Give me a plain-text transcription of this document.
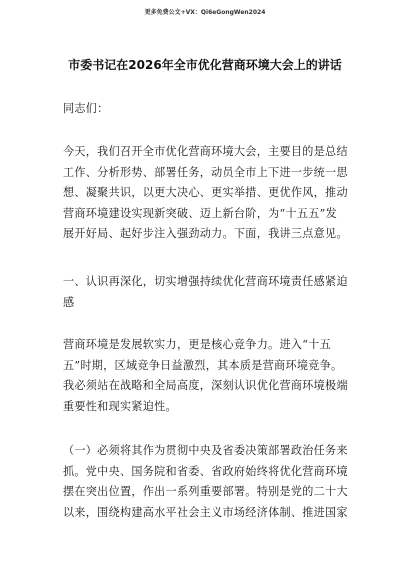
更多免费公文+VX：Qi6eGongWen2024
市委书记在2026年全市优化营商环境大会上的讲话
同志们：
今天，我们召开全市优化营商环境大会，主要目的是总结
工作、分析形势、部署任务，动员全市上下进一步统一思
想、凝聚共识，以更大决心、更实举措、更优作风，推动
营商环境建设实现新突破、迈上新台阶，为“十五五”发
展开好局、起好步注入强劲动力。下面，我讲三点意见。
一、认识再深化，切实增强持续优化营商环境责任感紧迫
感
营商环境是发展软实力，更是核心竞争力。进入“十五
五”时期，区域竞争日益激烈，其本质是营商环境竞争。
我必须站在战略和全局高度，深刻认识优化营商环境极端
重要性和现实紧迫性。
（一）必须将其作为贯彻中央及省委决策部署政治任务来
抓。党中央、国务院和省委、省政府始终将优化营商环境
摆在突出位置，作出一系列重要部署。特别是党的二十大
以来，围绕构建高水平社会主义市场经济体制、推进国家
